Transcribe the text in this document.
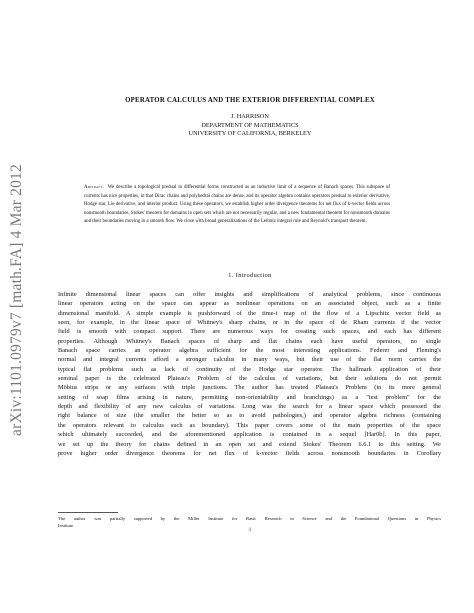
arXiv:1101.0979v7 [math.FA] 4 Mar 2012
OPERATOR CALCULUS AND THE EXTERIOR DIFFERENTIAL COMPLEX
J. HARRISON
DEPARTMENT OF MATHEMATICS
UNIVERSITY OF CALIFORNIA, BERKELEY
Abstract. We describe a topological predual to differential forms constructed as an inductive limit of a sequence of Banach spaces. This subspace of currents has nice properties, in that Dirac chains and polyhedral chains are dense, and its operator algebra contains operators predual to exterior derivative, Hodge star, Lie derivative, and interior product. Using these operators, we establish higher order divergence theorems for net flux of k-vector fields across nonsmooth boundaries, Stokes' theorem for domains in open sets which are not necessarily regular, and a new fundamental theorem for nonsmooth domains and their boundaries moving in a smooth flow. We close with broad generalizations of the Leibniz integral rule and Reynold's transport theorem.
1. Introduction
Infinite dimensional linear spaces can offer insights and simplifications of analytical problems, since continuous
linear operators acting on the space can appear as nonlinear operations on an associated object, such as a finite
dimensional manifold. A simple example is pushforward of the time-t map of the flow of a Lipschitz vector field as
seen, for example, in the linear space of Whitney's sharp chains, or in the space of de Rham currents if the vector
field is smooth with compact support. There are numerous ways for creating such spaces, and each has different
properties. Although Whitney's Banach spaces of sharp and flat chains each have useful operators, no single
Banach space carries an operator algebra sufficient for the most interesting applications. Federer and Fleming's
normal and integral currents afford a stronger calculus in many ways, but their use of the flat norm carries the
typical flat problems such as lack of continuity of the Hodge star operator. The hallmark application of their
seminal paper is the celebrated Plateau's Problem of the calculus of variations, but their solutions do not permit
Möbius strips or any surfaces with triple junctions. The author has treated Plateau's Problem (in its more general
setting of soap films arising in nature, permitting non-orientability and branchings) as a "test problem" for the
depth and flexibility of any new calculus of variations. Long was the search for a linear space which possessed the
right balance of size (the smaller the better so as to avoid pathologies,) and operator algebra richness (containing
the operators relevant to calculus such as boundary). This paper covers some of the main properties of the space
which ultimately succeeded, and the aforementioned application is contained in a sequel [Har0b]. In this paper,
we set up the theory for chains defined in an open set and extend Stokes' Theorem 6.6.1 to this setting. We
prove higher order divergence theorems for net flux of k-vector fields across nonsmooth boundaries in Corollary
The author was partially supported by the Miller Institute for Basic Research in Science and the Foundational Questions in Physics
Institute.
1
